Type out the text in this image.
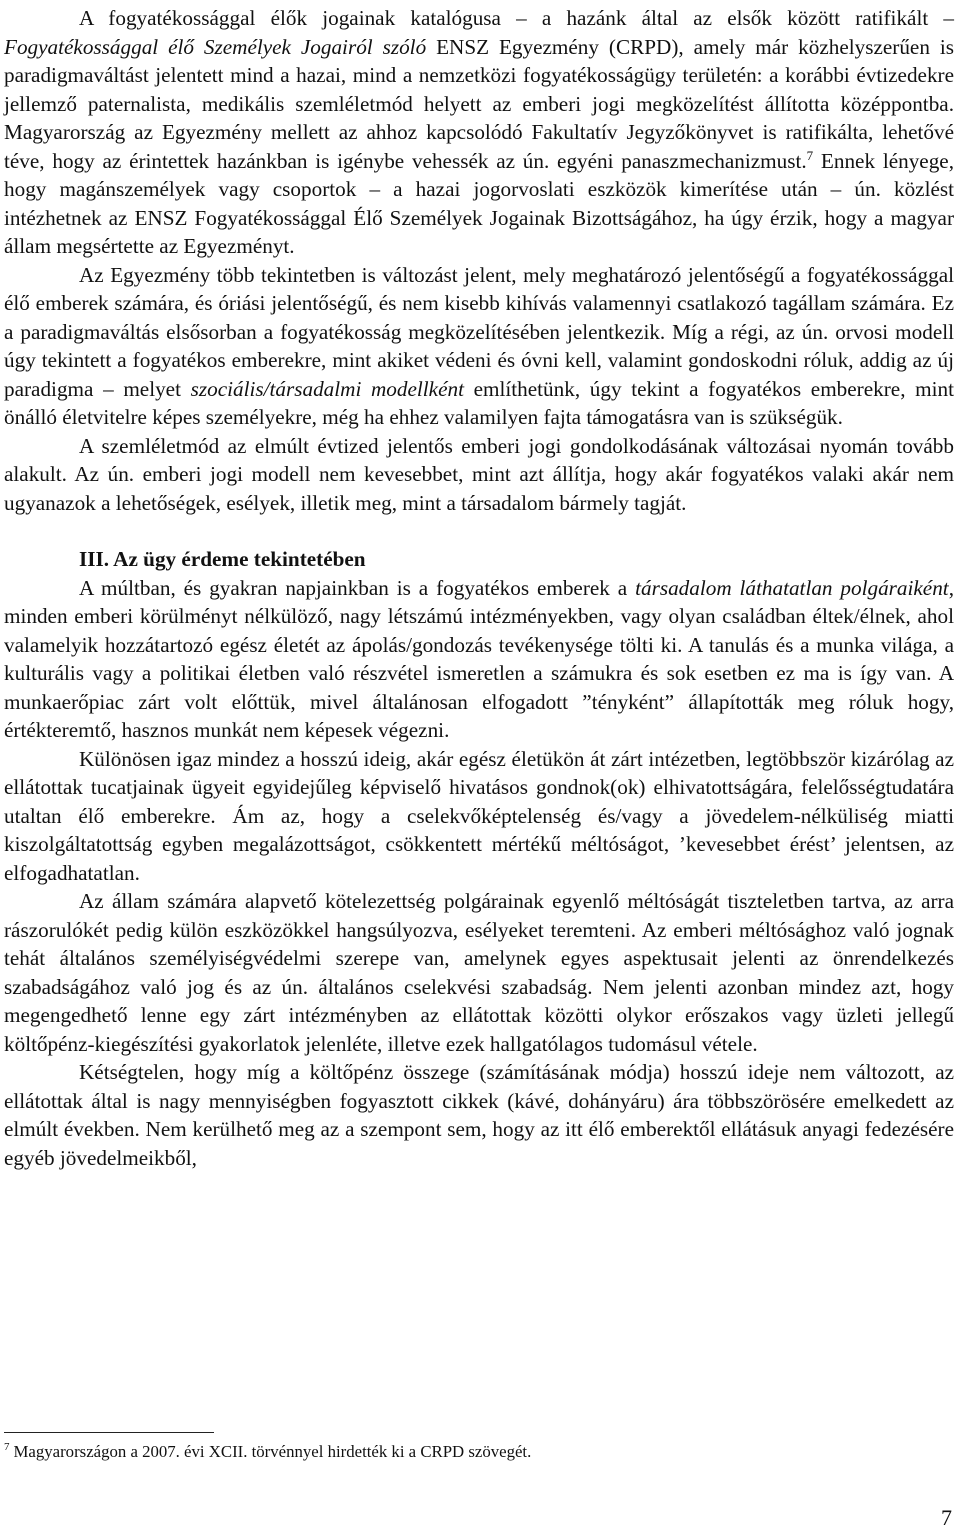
A fogyatékossággal élők jogainak katalógusa – a hazánk által az elsők között ratifikált – Fogyatékossággal élő Személyek Jogairól szóló ENSZ Egyezmény (CRPD), amely már közhelyszerűen is paradigmaváltást jelentett mind a hazai, mind a nemzetközi fogyatékosságügy területén: a korábbi évtizedekre jellemző paternalista, medikális szemléletmód helyett az emberi jogi megközelítést állította középpontba. Magyarország az Egyezmény mellett az ahhoz kapcsolódó Fakultatív Jegyzőkönyvet is ratifikálta, lehetővé téve, hogy az érintettek hazánkban is igénybe vehessék az ún. egyéni panaszmechanizmust.$^7$ Ennek lényege, hogy magánszemélyek vagy csoportok – a hazai jogorvoslati eszközök kimerítése után – ún. közlést intézhetnek az ENSZ Fogyatékossággal Élő Személyek Jogainak Bizottságához, ha úgy érzik, hogy a magyar állam megsértette az Egyezményt.

Az Egyezmény több tekintetben is változást jelent, mely meghatározó jelentőségű a fogyatékossággal élő emberek számára, és óriási jelentőségű, és nem kisebb kihívás valamennyi csatlakozó tagállam számára. Ez a paradigmaváltás elsősorban a fogyatékosság megközelítésében jelentkezik. Míg a régi, az ún. orvosi modell úgy tekintett a fogyatékos emberekre, mint akiket védeni és óvni kell, valamint gondoskodni róluk, addig az új paradigma – melyet szociális/társadalmi modellként említhetünk, úgy tekint a fogyatékos emberekre, mint önálló életvitelre képes személyekre, még ha ehhez valamilyen fajta támogatásra van is szükségük.

A szemléletmód az elmúlt évtized jelentős emberi jogi gondolkodásának változásai nyomán tovább alakult. Az ún. emberi jogi modell nem kevesebbet, mint azt állítja, hogy akár fogyatékos valaki akár nem ugyanazok a lehetőségek, esélyek, illetik meg, mint a társadalom bármely tagját.

III. Az ügy érdeme tekintetében

A múltban, és gyakran napjainkban is a fogyatékos emberek a társadalom láthatatlan polgáraiként, minden emberi körülményt nélkülöző, nagy létszámú intézményekben, vagy olyan családban éltek/élnek, ahol valamelyik hozzátartozó egész életét az ápolás/gondozás tevékenysége tölti ki. A tanulás és a munka világa, a kulturális vagy a politikai életben való részvétel ismeretlen a számukra és sok esetben ez ma is így van. A munkaerőpiac zárt volt előttük, mivel általánosan elfogadott ”tényként” állapították meg róluk hogy, értékteremtő, hasznos munkát nem képesek végezni.

Különösen igaz mindez a hosszú ideig, akár egész életükön át zárt intézetben, legtöbbször kizárólag az ellátottak tucatjainak ügyeit egyidejűleg képviselő hivatásos gondnok(ok) elhivatottságára, felelősségtudatára utaltan élő emberekre. Ám az, hogy a cselekvőképtelenség és/vagy a jövedelem-nélküliség miatti kiszolgáltatottság egyben megalázottságot, csökkentett mértékű méltóságot, ’kevesebbet érést’ jelentsen, az elfogadhatatlan.

Az állam számára alapvető kötelezettség polgárainak egyenlő méltóságát tiszteletben tartva, az arra rászorulókét pedig külön eszközökkel hangsúlyozva, esélyeket teremteni. Az emberi méltósághoz való jognak tehát általános személyiségvédelmi szerepe van, amelynek egyes aspektusait jelenti az önrendelkezés szabadságához való jog és az ún. általános cselekvési szabadság. Nem jelenti azonban mindez azt, hogy megengedhető lenne egy zárt intézményben az ellátottak közötti olykor erőszakos vagy üzleti jellegű költőpénz-kiegészítési gyakorlatok jelenléte, illetve ezek hallgatólagos tudomásul vétele.

Kétségtelen, hogy míg a költőpénz összege (számításának módja) hosszú ideje nem változott, az ellátottak által is nagy mennyiségben fogyasztott cikkek (kávé, dohányáru) ára többszörösére emelkedett az elmúlt években. Nem kerülhető meg az a szempont sem, hogy az itt élő emberektől ellátásuk anyagi fedezésére egyéb jövedelmeikből,

$^7$ Magyarországon a 2007. évi XCII. törvénnyel hirdették ki a CRPD szövegét.

7
